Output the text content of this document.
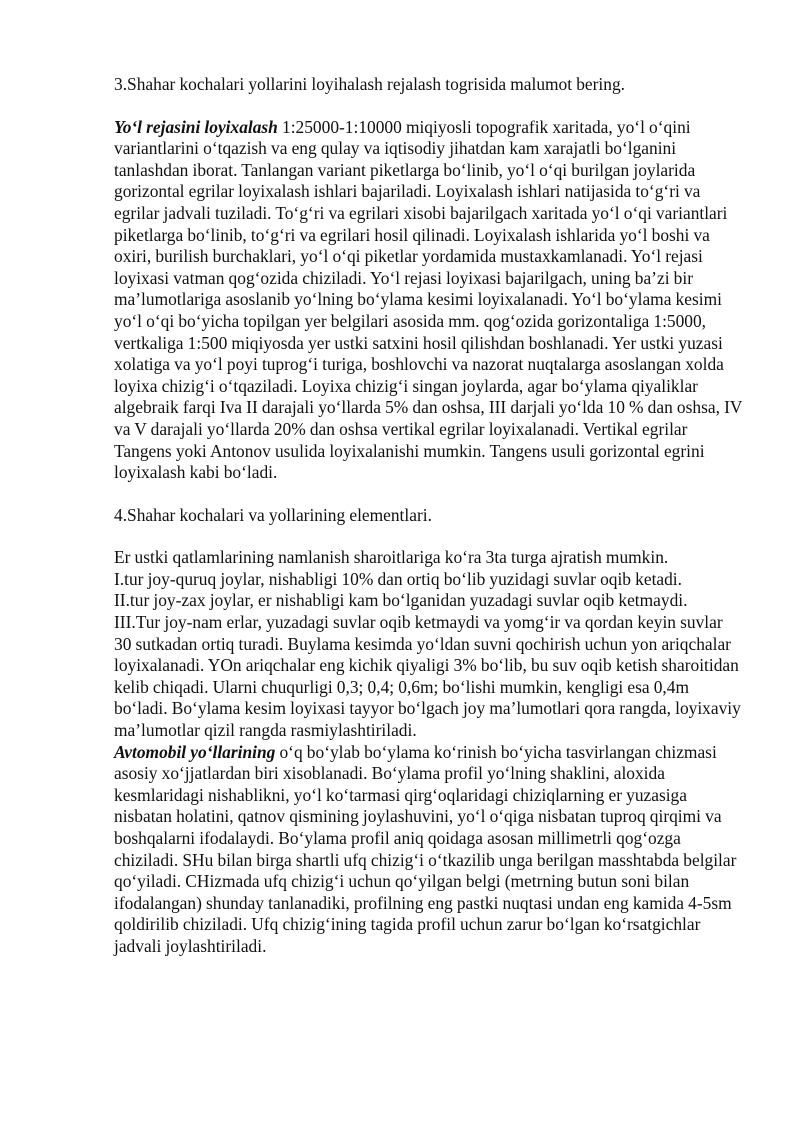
3.Shahar kochalari yollarini loyihalash rejalash togrisida malumot bering.

Yo‘l rejasini loyixalash 1:25000-1:10000 miqiyosli topografik xaritada, yo‘l o‘qini variantlarini o‘tqazish va eng qulay va iqtisodiy jihatdan kam xarajatli bo‘lganini tanlashdan iborat. Tanlangan variant piketlarga bo‘linib, yo‘l o‘qi burilgan joylarida gorizontal egrilar loyixalash ishlari bajariladi. Loyixalash ishlari natijasida to‘g‘ri va egrilar jadvali tuziladi. To‘g‘ri va egrilari xisobi bajarilgach xaritada yo‘l o‘qi variantlari piketlarga bo‘linib, to‘g‘ri va egrilari hosil qilinadi. Loyixalash ishlarida yo‘l boshi va oxiri, burilish burchaklari, yo‘l o‘qi piketlar yordamida mustaxkamlanadi. Yo‘l rejasi loyixasi vatman qog‘ozida chiziladi. Yo‘l rejasi loyixasi bajarilgach, uning ba’zi bir ma’lumotlariga asoslanib yo‘lning bo‘ylama kesimi loyixalanadi. Yo‘l bo‘ylama kesimi yo‘l o‘qi bo‘yicha topilgan yer belgilari asosida mm. qog‘ozida gorizontaliga 1:5000, vertkaliga 1:500 miqiyosda yer ustki satxini hosil qilishdan boshlanadi. Yer ustki yuzasi xolatiga va yo‘l poyi tuprog‘i turiga, boshlovchi va nazorat nuqtalarga asoslangan xolda loyixa chizig‘i o‘tqaziladi. Loyixa chizig‘i singan joylarda, agar bo‘ylama qiyaliklar algebraik farqi Iva II darajali yo‘llarda 5% dan oshsa, III darjali yo‘lda 10 % dan oshsa, IV va V darajali yo‘llarda 20% dan oshsa vertikal egrilar loyixalanadi. Vertikal egrilar Tangens yoki Antonov usulida loyixalanishi mumkin. Tangens usuli gorizontal egrini loyixalash kabi bo‘ladi.

4.Shahar kochalari va yollarining elementlari.

Er ustki qatlamlarining namlanish sharoitlariga ko‘ra 3ta turga ajratish mumkin.

I.tur joy-quruq joylar, nishabligi 10% dan ortiq bo‘lib yuzidagi suvlar oqib ketadi.

II.tur joy-zax joylar, er nishabligi kam bo‘lganidan yuzadagi suvlar oqib ketmaydi.

III.Tur joy-nam erlar, yuzadagi suvlar oqib ketmaydi va yomg‘ir va qordan keyin suvlar 30 sutkadan ortiq turadi. Buylama kesimda yo‘ldan suvni qochirish uchun yon ariqchalar loyixalanadi. YOn ariqchalar eng kichik qiyaligi 3% bo‘lib, bu suv oqib ketish sharoitidan kelib chiqadi. Ularni chuqurligi 0,3; 0,4; 0,6m; bo‘lishi mumkin, kengligi esa 0,4m bo‘ladi. Bo‘ylama kesim loyixasi tayyor bo‘lgach joy ma’lumotlari qora rangda, loyixaviy ma’lumotlar qizil rangda rasmiylashtiriladi.

Avtomobil yo‘llarining o‘q bo‘ylab bo‘ylama ko‘rinish bo‘yicha tasvirlangan chizmasi asosiy xo‘jjatlardan biri xisoblanadi. Bo‘ylama profil yo‘lning shaklini, aloxida kesmlaridagi nishablikni, yo‘l ko‘tarmasi qirg‘oqlaridagi chiziqlarning er yuzasiga nisbatan holatini, qatnov qismining joylashuvini, yo‘l o‘qiga nisbatan tuproq qirqimi va boshqalarni ifodalaydi. Bo‘ylama profil aniq qoidaga asosan millimetrli qog‘ozga chiziladi. SHu bilan birga shartli ufq chizig‘i o‘tkazilib unga berilgan masshtabda belgilar qo‘yiladi. CHizmada ufq chizig‘i uchun qo‘yilgan belgi (metrning butun soni bilan ifodalangan) shunday tanlanadiki, profilning eng pastki nuqtasi undan eng kamida 4-5sm qoldirilib chiziladi. Ufq chizig‘ining tagida profil uchun zarur bo‘lgan ko‘rsatgichlar jadvali joylashtiriladi.
